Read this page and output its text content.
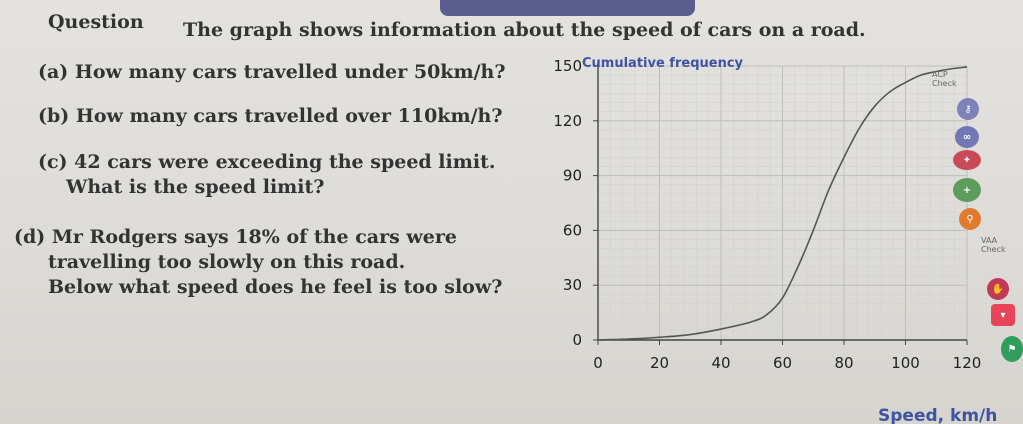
Question The graph shows information about the speed of cars on a road.
(a) How many cars travelled under 50km/h?
(b) How many cars travelled over 110km/h?
(c) 42 cars were exceeding the speed limit.
What is the speed limit?
(d) Mr Rodgers says 18% of the cars were
travelling too slowly on this road.
Below what speed does he feel is too slow?
0	20	40	60	80	100 120
0
30
60
90
120
150 Cumulative frequency
Speed, km/h
ACP
Check
⚷
∞
✦
+
⚲
VAA
Check
✋
▾
⚑
